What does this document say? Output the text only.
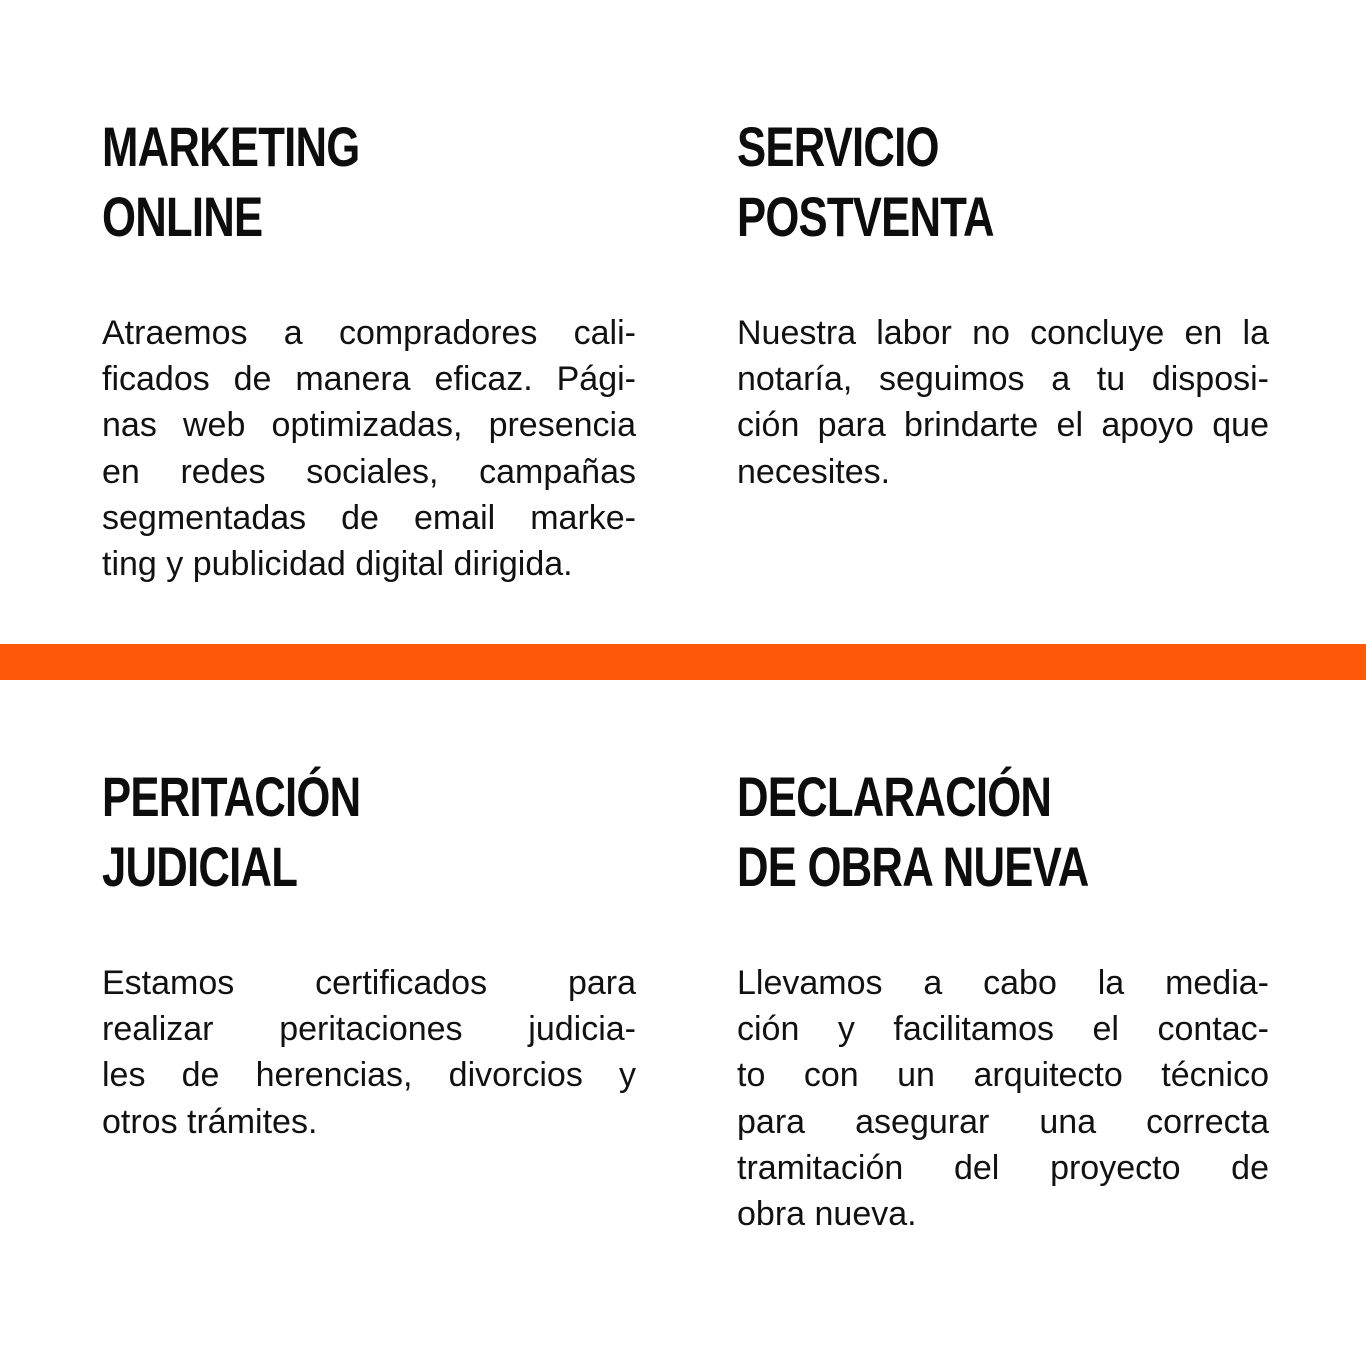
MARKETING
ONLINE

Atraemos a compradores cali-
ficados de manera eficaz. Pági-
nas web optimizadas, presencia
en redes sociales, campañas
segmentadas de email marke-
ting y publicidad digital dirigida.

SERVICIO
POSTVENTA

Nuestra labor no concluye en la
notaría, seguimos a tu disposi-
ción para brindarte el apoyo que
necesites.

PERITACIÓN
JUDICIAL

Estamos certificados para
realizar peritaciones judicia-
les de herencias, divorcios y
otros trámites.

DECLARACIÓN
DE OBRA NUEVA

Llevamos a cabo la media-
ción y facilitamos el contac-
to con un arquitecto técnico
para asegurar una correcta
tramitación del proyecto de
obra nueva.
